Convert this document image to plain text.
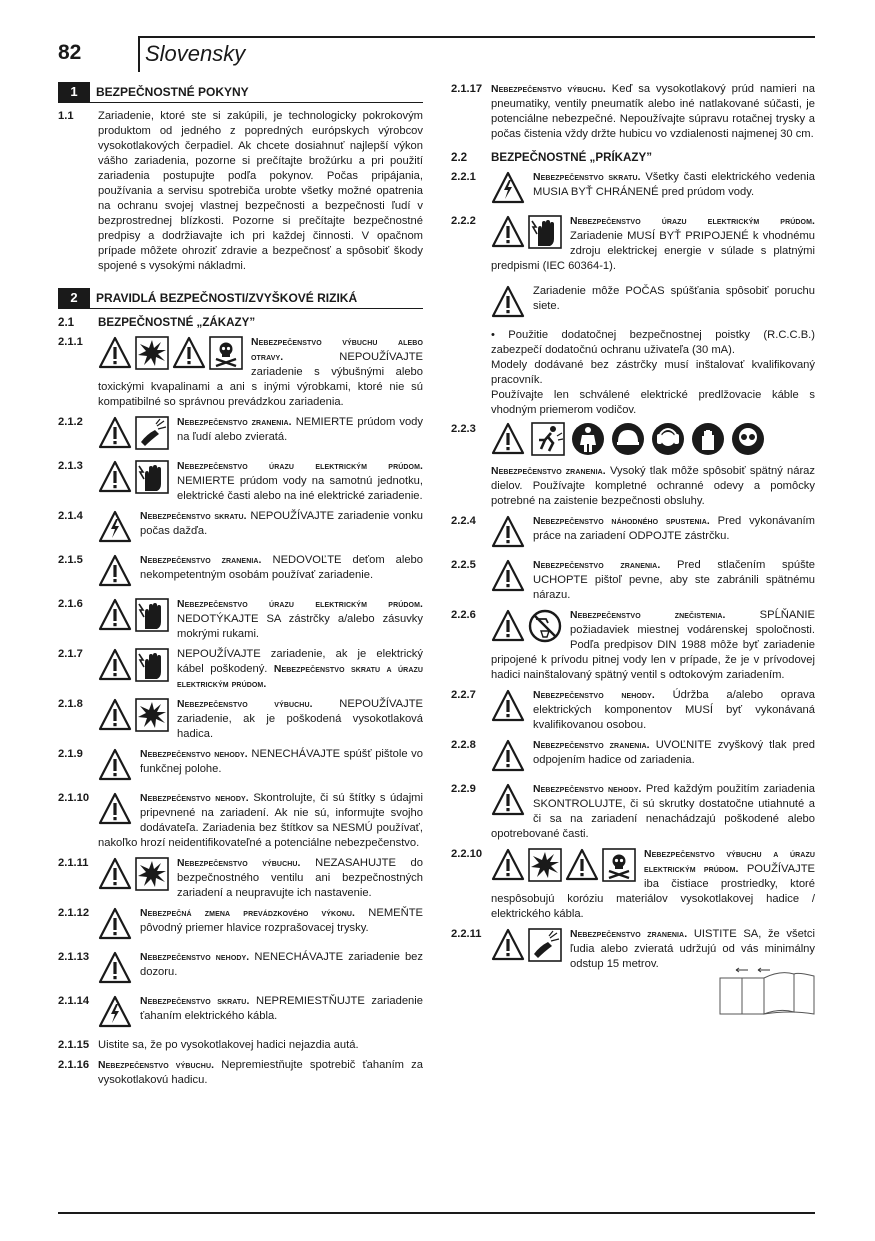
82	Slovensky
1	BEZPEČNOSTNÉ POKYNY
1.1 Zariadenie, ktoré ste si zakúpili, je technologicky pokrokovým produktom od jedného z popredných európskych výrobcov vysokotlakových čerpadiel. Ak chcete dosiahnuť najlepší výkon vášho zariadenia, pozorne si prečítajte brožúrku a pri použití zariadenia postupujte podľa pokynov. Počas pripájania, používania a servisu spotrebiča urobte všetky možné opatrenia na ochranu svojej vlastnej bezpečnosti a bezpečnosti ľudí v bezprostrednej blízkosti. Pozorne si prečítajte bezpečnostné predpisy a dodržiavajte ich pri každej činnosti. V opačnom prípade môžete ohroziť zdravie a bezpečnosť a spôsobiť škody spojené s vysokými nákladmi.
2	PRAVIDLÁ BEZPEČNOSTI/ZVYŠKOVÉ RIZIKÁ
2.1 BEZPEČNOSTNÉ „ZÁKAZY”
2.1.1	Nebezpečenstvo výbuchu alebo otravy. NEPOUŽÍVAJTE zariadenie s výbušnými alebo toxickými kvapalinami a ani s inými výrobkami, ktoré nie sú kompatibilné so správnou prevádzkou zariadenia.
2.1.2	Nebezpečenstvo zranenia. NEMIERTE prúdom vody na ľudí alebo zvieratá.
2.1.3	Nebezpečenstvo úrazu elektrickým prúdom. NEMIERTE prúdom vody na samotnú jednotku, elektrické časti alebo na iné elektrické zariadenie.
2.1.4	Nebezpečenstvo skratu. NEPOUŽÍVAJTE zariadenie vonku počas dažďa.
2.1.5	Nebezpečenstvo zranenia. NEDOVOĽTE deťom alebo nekompetentným osobám používať zariadenie.
2.1.6	Nebezpečenstvo úrazu elektrickým prúdom. NEDOTÝKAJTE SA zástrčky a/alebo zásuvky mokrými rukami.
2.1.7	NEPOUŽÍVAJTE zariadenie, ak je elektrický kábel poškodený. Nebezpečenstvo skratu a úrazu elektrickým prúdom.
2.1.8	Nebezpečenstvo výbuchu. NEPOUŽÍVAJTE zariadenie, ak je poškodená vysokotlaková hadica.
2.1.9	Nebezpečenstvo nehody. NENECHÁVAJTE spúšť pištole vo funkčnej polohe.
2.1.10	Nebezpečenstvo nehody. Skontrolujte, či sú štítky s údajmi pripevnené na zariadení. Ak nie sú, informujte svojho dodávateľa. Zariadenia bez štítkov sa NESMÚ používať, nakoľko hrozí neidentifikovateľné a potenciálne nebezpečenstvo.
2.1.11	Nebezpečenstvo výbuchu. NEZASAHUJTE do bezpečnostného ventilu ani bezpečnostných zariadení a neupravujte ich nastavenie.
2.1.12	Nebezpečná zmena prevádzkového výkonu. NEMEŇTE pôvodný priemer hlavice rozprašovacej trysky.
2.1.13	Nebezpečenstvo nehody. NENECHÁVAJTE zariadenie bez dozoru.
2.1.14	Nebezpečenstvo skratu. NEPREMIESTŇUJTE zariadenie ťahaním elektrického kábla.
2.1.15 Uistite sa, že po vysokotlakovej hadici nejazdia autá.
2.1.16 Nebezpečenstvo výbuchu. Nepremiestňujte spotrebič ťahaním za vysokotlakovú hadicu.
2.1.17 Nebezpečenstvo výbuchu. Keď sa vysokotlakový prúd namieri na pneumatiky, ventily pneumatík alebo iné natlakované súčasti, je potenciálne nebezpečné. Nepoužívajte súpravu rotačnej trysky a počas čistenia vždy držte hubicu vo vzdialenosti najmenej 30 cm.
2.2 BEZPEČNOSTNÉ „PRÍKAZY”
2.2.1	Nebezpečenstvo skratu. Všetky časti elektrického vedenia MUSIA BYŤ CHRÁNENÉ pred prúdom vody.
2.2.2	Nebezpečenstvo úrazu elektrickým prúdom. Zariadenie MUSÍ BYŤ PRIPOJENÉ k vhodnému zdroju elektrickej energie v súlade s platnými predpismi (IEC 60364-1).
Zariadenie môže POČAS spúšťania spôsobiť poruchu siete.

• Použitie dodatočnej bezpečnostnej poistky (R.C.C.B.) zabezpečí dodatočnú ochranu uživateľa (30 mA).

Modely dodávané bez zástrčky musí inštalovať kvalifikovaný pracovník.

Používajte len schválené elektrické predlžovacie káble s vhodným priemerom vodičov.

2.2.3
Nebezpečenstvo zranenia. Vysoký tlak môže spôsobiť spätný náraz dielov. Používajte kompletné ochranné odevy a pomôcky potrebné na zaistenie bezpečnosti obsluhy.
2.2.4	Nebezpečenstvo náhodného spustenia. Pred vykonávaním práce na zariadení ODPOJTE zástrčku.
2.2.5	Nebezpečenstvo zranenia. Pred stlačením spúšte UCHOPTE pištoľ pevne, aby ste zabránili spätnému nárazu.
2.2.6	Nebezpečenstvo znečistenia. SPĹŇANIE požiadaviek miestnej vodárenskej spoločnosti. Podľa predpisov DIN 1988 môže byť zariadenie pripojené k prívodu pitnej vody len v prípade, že je v prívodovej hadici nainštalovaný spätný ventil s odtokovým zariadením.
2.2.7	Nebezpečenstvo nehody. Údržba a/alebo oprava elektrických komponentov MUSÍ byť vykonávaná kvalifikovanou osobou.
2.2.8	Nebezpečenstvo zranenia. UVOĽNITE zvyškový tlak pred odpojením hadice od zariadenia.
2.2.9	Nebezpečenstvo nehody. Pred každým použitím zariadenia SKONTROLUJTE, či sú skrutky dostatočne utiahnuté a či sa na zariadení nenachádzajú poškodené alebo opotrebované časti.
2.2.10	Nebezpečenstvo výbuchu a úrazu elektrickým prúdom. POUŽÍVAJTE iba čistiace prostriedky, ktoré nespôsobujú koróziu materiálov vysokotlakovej hadice / elektrického kábla.
2.2.11	Nebezpečenstvo zranenia. UISTITE SA, že všetci ľudia alebo zvieratá udržujú od vás minimálny odstup 15 metrov.
